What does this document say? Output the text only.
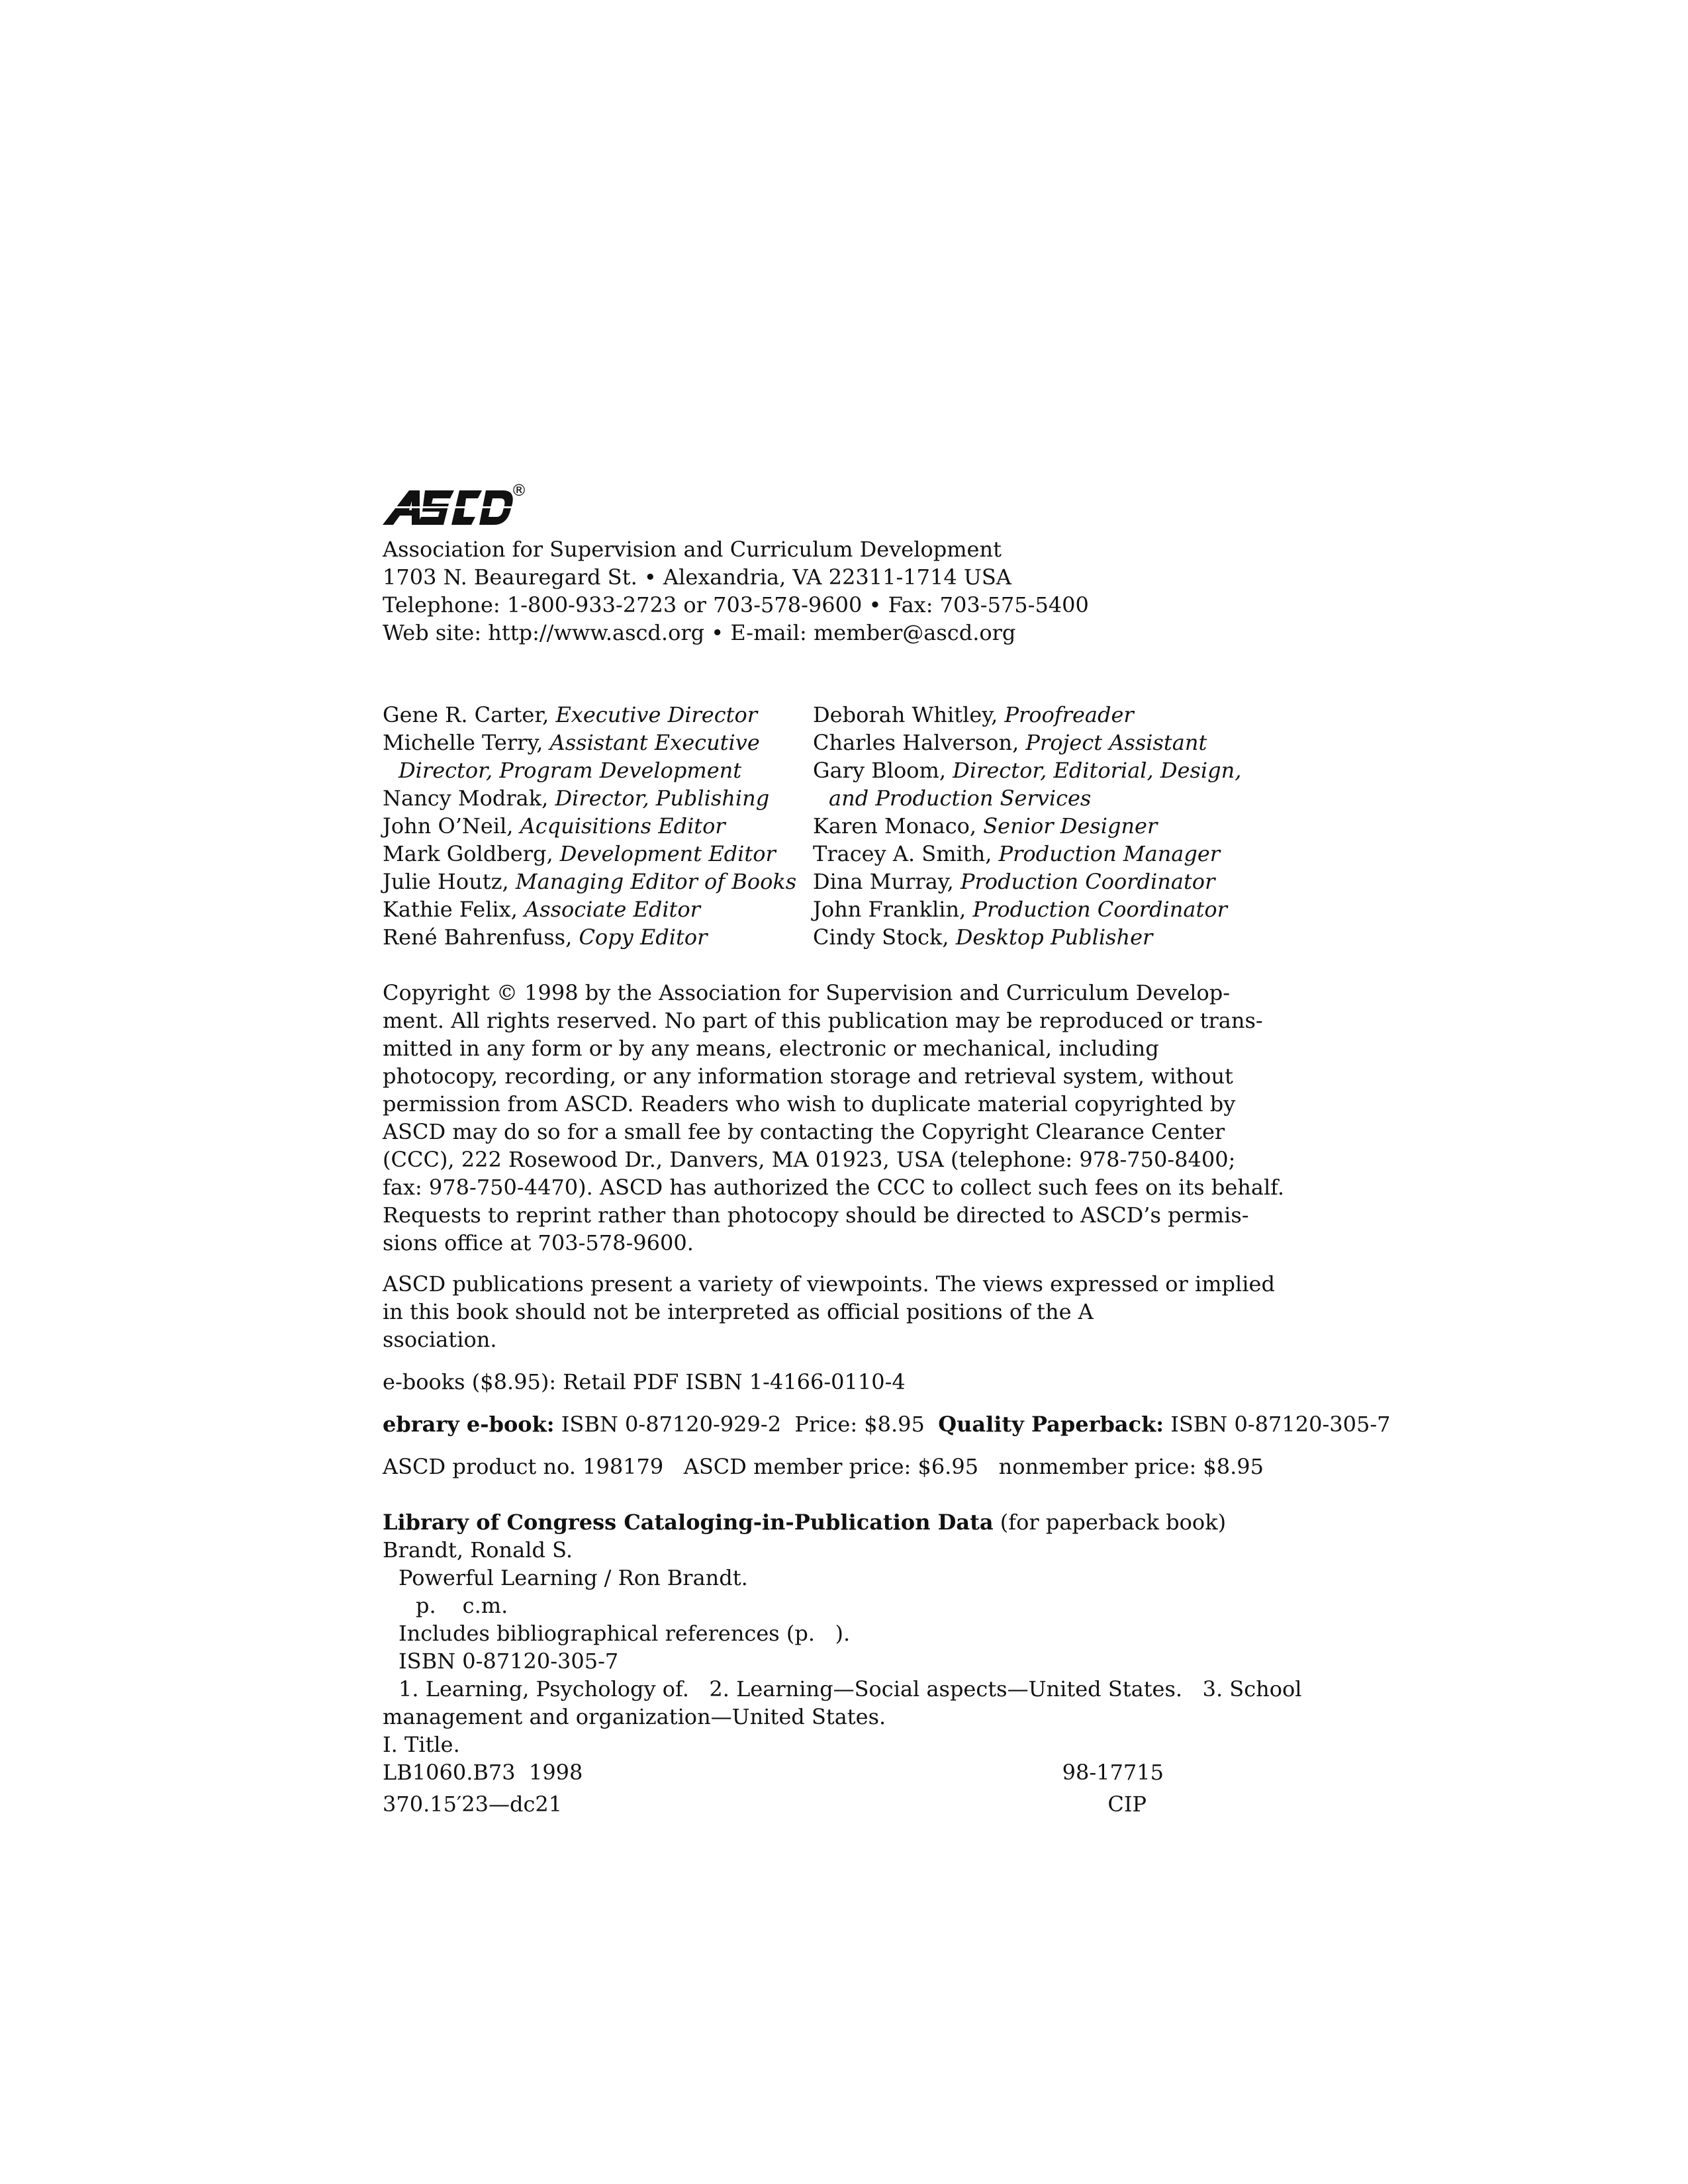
®
Association for Supervision and Curriculum Development
1703 N. Beauregard St. • Alexandria, VA 22311-1714 USA
Telephone: 1-800-933-2723 or 703-578-9600 • Fax: 703-575-5400
Web site: http://www.ascd.org • E-mail: member@ascd.org
Gene R. Carter, Executive Director
Michelle Terry, Assistant Executive
Director, Program Development
Nancy Modrak, Director, Publishing
John O’Neil, Acquisitions Editor
Mark Goldberg, Development Editor
Julie Houtz, Managing Editor of Books
Kathie Felix, Associate Editor
René Bahrenfuss, Copy Editor
Deborah Whitley, Proofreader
Charles Halverson, Project Assistant
Gary Bloom, Director, Editorial, Design,
and Production Services
Karen Monaco, Senior Designer
Tracey A. Smith, Production Manager
Dina Murray, Production Coordinator
John Franklin, Production Coordinator
Cindy Stock, Desktop Publisher
Copyright © 1998 by the Association for Supervision and Curriculum Develop-
ment. All rights reserved. No part of this publication may be reproduced or trans-
mitted in any form or by any means, electronic or mechanical, including
photocopy, recording, or any information storage and retrieval system, without
permission from ASCD. Readers who wish to duplicate material copyrighted by
ASCD may do so for a small fee by contacting the Copyright Clearance Center
(CCC), 222 Rosewood Dr., Danvers, MA 01923, USA (telephone: 978-750-8400;
fax: 978-750-4470). ASCD has authorized the CCC to collect such fees on its behalf.
Requests to reprint rather than photocopy should be directed to ASCD’s permis-
sions office at 703-578-9600.
ASCD publications present a variety of viewpoints. The views expressed or implied
in this book should not be interpreted as official positions of the A
ssociation.
e-books ($8.95): Retail PDF ISBN 1-4166-0110-4
ebrary e-book: ISBN 0-87120-929-2  Price: $8.95  Quality Paperback: ISBN 0-87120-305-7
ASCD product no. 198179   ASCD member price: $6.95   nonmember price: $8.95
Library of Congress Cataloging-in-Publication Data (for paperback book)
Brandt, Ronald S.
Powerful Learning / Ron Brandt.
p. c.m.
Includes bibliographical references (p.   ).
ISBN 0-87120-305-7
1. Learning, Psychology of.   2. Learning—Social aspects—United States.   3. School
management and organization—United States.
I. Title.
LB1060.B73  1998	98-17715
370.15′23—dc21	CIP
